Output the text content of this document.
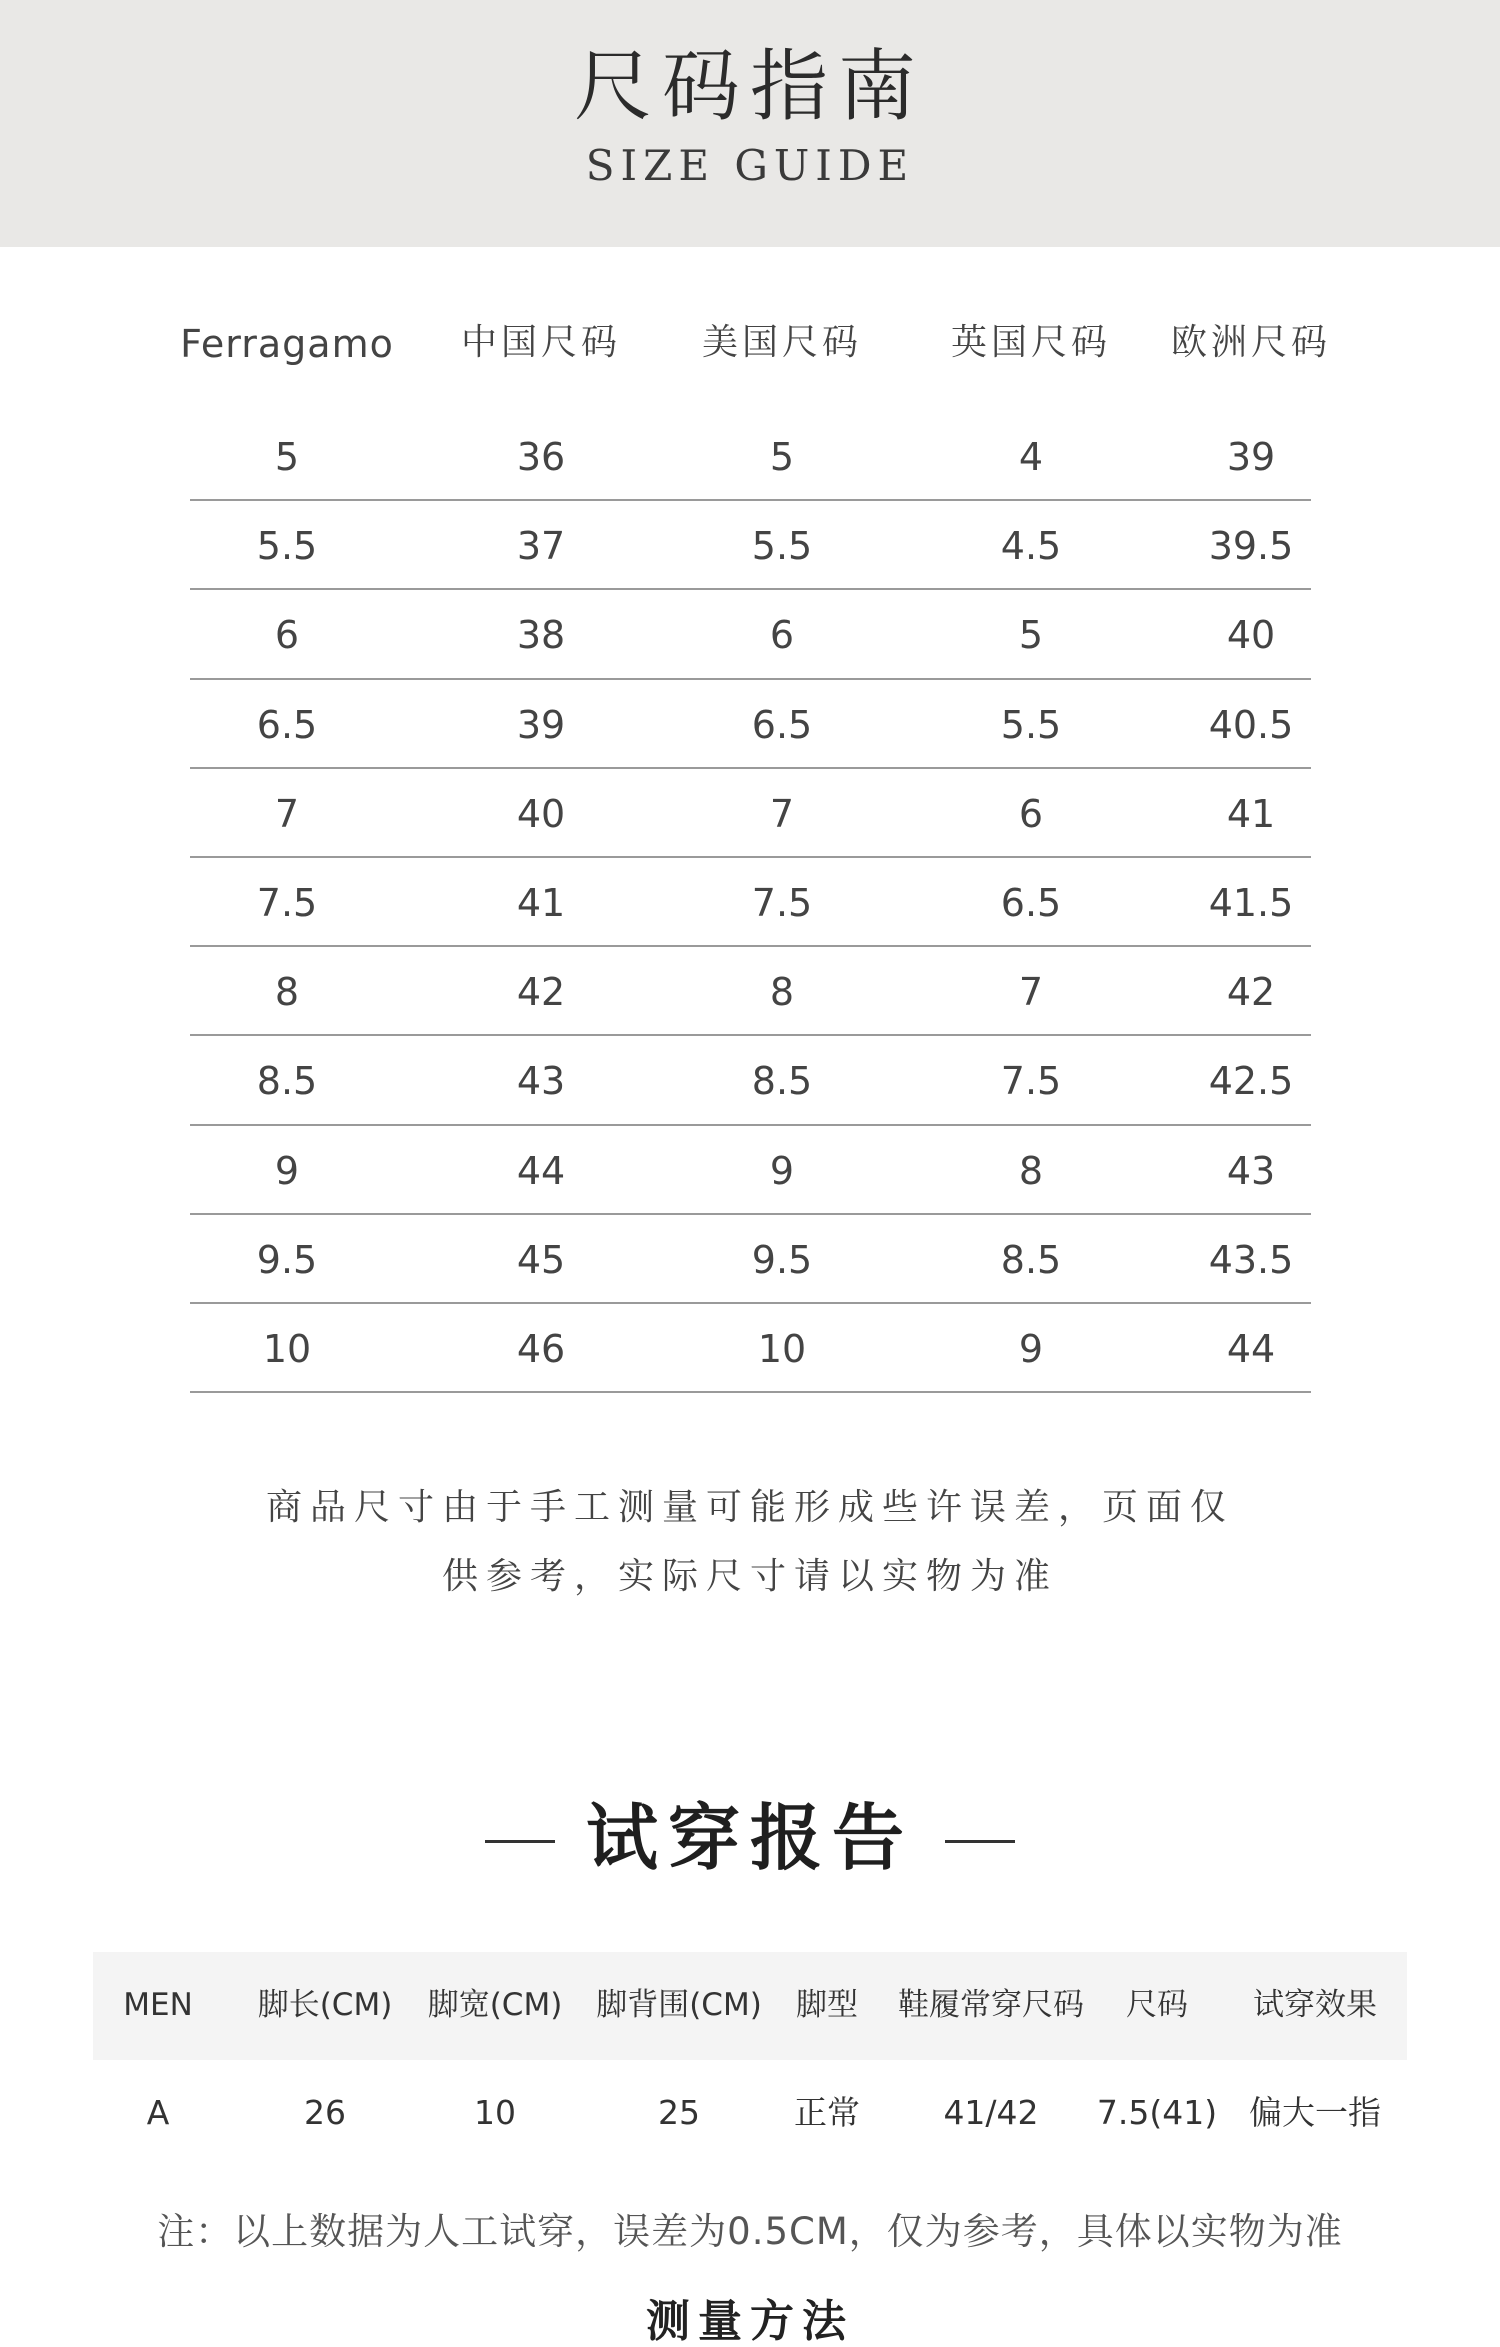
尺码指南
SIZE GUIDE
Ferragamo	中国尺码	美国尺码	英国尺码	欧洲尺码
5	36	5	4	39
5.5	37	5.5	4.5	39.5
6	38	6	5	40
6.5	39	6.5	5.5	40.5
7	40	7	6	41
7.5	41	7.5	6.5	41.5
8	42	8	7	42
8.5	43	8.5	7.5	42.5
9	44	9	8	43
9.5	45	9.5	8.5	43.5
10	46	10	9	44
商品尺寸由于手工测量可能形成些许误差，页面仅
供参考，实际尺寸请以实物为准
试穿报告
MEN	脚长(CM)	脚宽(CM)	脚背围(CM)	脚型	鞋履常穿尺码	尺码	试穿效果
A	26	10	25	正常	41/42	7.5(41) 偏大一指
注：以上数据为人工试穿，误差为0.5CM，仅为参考，具体以实物为准
测量方法
